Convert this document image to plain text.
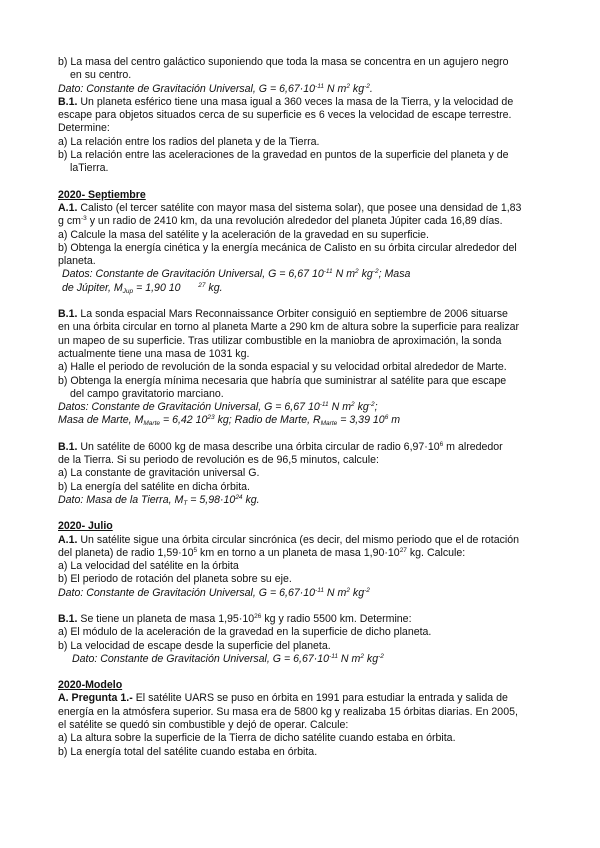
b) La masa del centro galáctico suponiendo que toda la masa se concentra en un agujero negro

en su centro.

Dato: Constante de Gravitación Universal, $G = 6,67\cdot 10^{-11}$ N $m^2$ $kg^{-2}$.

B.1. Un planeta esférico tiene una masa igual a 360 veces la masa de la Tierra, y la velocidad de

escape para objetos situados cerca de su superficie es 6 veces la velocidad de escape terrestre.

Determine:

a) La relación entre los radios del planeta y de la Tierra.

b) La relación entre las aceleraciones de la gravedad en puntos de la superficie del planeta y de

laTierra.

2020- Septiembre

A.1. Calisto (el tercer satélite con mayor masa del sistema solar), que posee una densidad de 1,83

g $cm^{-3}$ y un radio de 2410 km, da una revolución alrededor del planeta Júpiter cada 16,89 días.

a) Calcule la masa del satélite y la aceleración de la gravedad en su superficie.

b) Obtenga la energía cinética y la energía mecánica de Calisto en su órbita circular alrededor del

planeta.

Datos: Constante de Gravitación Universal, G = 6,67 $10^{-11}$ N $m^2$ $kg^{-2}$; Masa

de Júpiter, $M_{Jup} = 1,90$ 10	$^{27}$ kg.

B.1. La sonda espacial Mars Reconnaissance Orbiter consiguió en septiembre de 2006 situarse

en una órbita circular en torno al planeta Marte a 290 km de altura sobre la superficie para realizar

un mapeo de su superficie. Tras utilizar combustible en la maniobra de aproximación, la sonda

actualmente tiene una masa de 1031 kg.

a) Halle el periodo de revolución de la sonda espacial y su velocidad orbital alrededor de Marte.

b) Obtenga la energía mínima necesaria que habría que suministrar al satélite para que escape

del campo gravitatorio marciano.

Datos: Constante de Gravitación Universal, G = 6,67 $10^{-11}$ N $m^2$ $kg^{-2}$;

Masa de Marte, $M_{Marte} = 6,42$ $10^{23}$ kg; Radio de Marte, $R_{Marte} = 3,39$ $10^6$ m

B.1. Un satélite de 6000 kg de masa describe una órbita circular de radio $6,97\cdot 10^6$ m alrededor

de la Tierra. Si su periodo de revolución es de 96,5 minutos, calcule:

a) La constante de gravitación universal G.

b) La energía del satélite en dicha órbita.

Dato: Masa de la Tierra, $M_T = 5,98\cdot 10^{24}$ kg.

2020- Julio

A.1. Un satélite sigue una órbita circular sincrónica (es decir, del mismo periodo que el de rotación

del planeta) de radio $1,59\cdot 10^5$ km en torno a un planeta de masa $1,90\cdot 10^{27}$ kg. Calcule:

a) La velocidad del satélite en la órbita

b) El periodo de rotación del planeta sobre su eje.

Dato: Constante de Gravitación Universal, $G = 6,67\cdot 10^{-11}$ N $m^2$ $kg^{-2}$

B.1. Se tiene un planeta de masa $1,95\cdot 10^{26}$ kg y radio 5500 km. Determine:

a) El módulo de la aceleración de la gravedad en la superficie de dicho planeta.

b) La velocidad de escape desde la superficie del planeta.

Dato: Constante de Gravitación Universal, $G = 6,67\cdot 10^{-11}$ N $m^2$ $kg^{-2}$

2020-Modelo

A. Pregunta 1.- El satélite UARS se puso en órbita en 1991 para estudiar la entrada y salida de

energía en la atmósfera superior. Su masa era de 5800 kg y realizaba 15 órbitas diarias. En 2005,

el satélite se quedó sin combustible y dejó de operar. Calcule:

a) La altura sobre la superficie de la Tierra de dicho satélite cuando estaba en órbita.

b) La energía total del satélite cuando estaba en órbita.
